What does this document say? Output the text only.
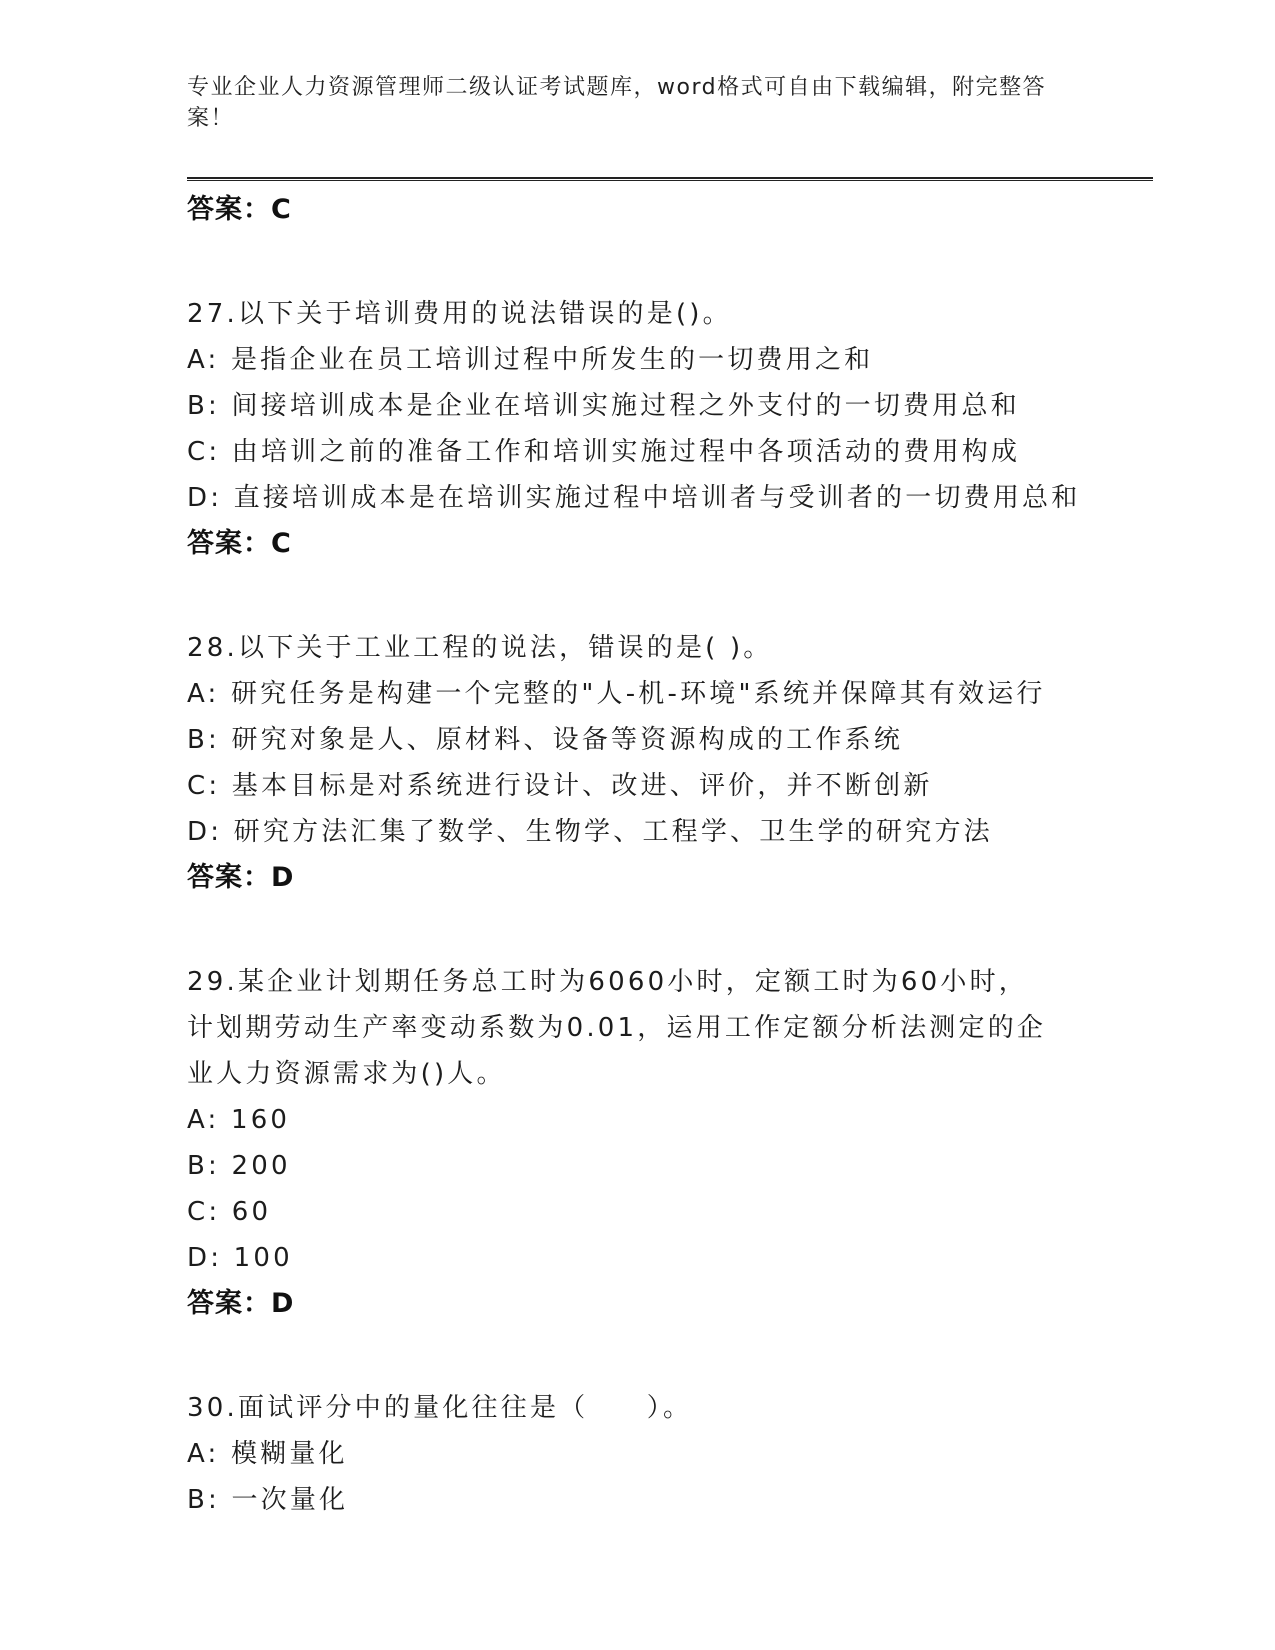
专业企业人力资源管理师二级认证考试题库，word格式可自由下载编辑，附完整答案！
答案：C
27.以下关于培训费用的说法错误的是()。
A: 是指企业在员工培训过程中所发生的一切费用之和
B: 间接培训成本是企业在培训实施过程之外支付的一切费用总和
C: 由培训之前的准备工作和培训实施过程中各项活动的费用构成
D: 直接培训成本是在培训实施过程中培训者与受训者的一切费用总和
答案：C
28.以下关于工业工程的说法，错误的是( )。
A: 研究任务是构建一个完整的"人-机-环境"系统并保障其有效运行
B: 研究对象是人、原材料、设备等资源构成的工作系统
C: 基本目标是对系统进行设计、改进、评价，并不断创新
D: 研究方法汇集了数学、生物学、工程学、卫生学的研究方法
答案：D
29.某企业计划期任务总工时为6060小时，定额工时为60小时，计划期劳动生产率变动系数为0.01，运用工作定额分析法测定的企业人力资源需求为()人。
A: 160
B: 200
C: 60
D: 100
答案：D
30.面试评分中的量化往往是（　　）。
A: 模糊量化
B: 一次量化
